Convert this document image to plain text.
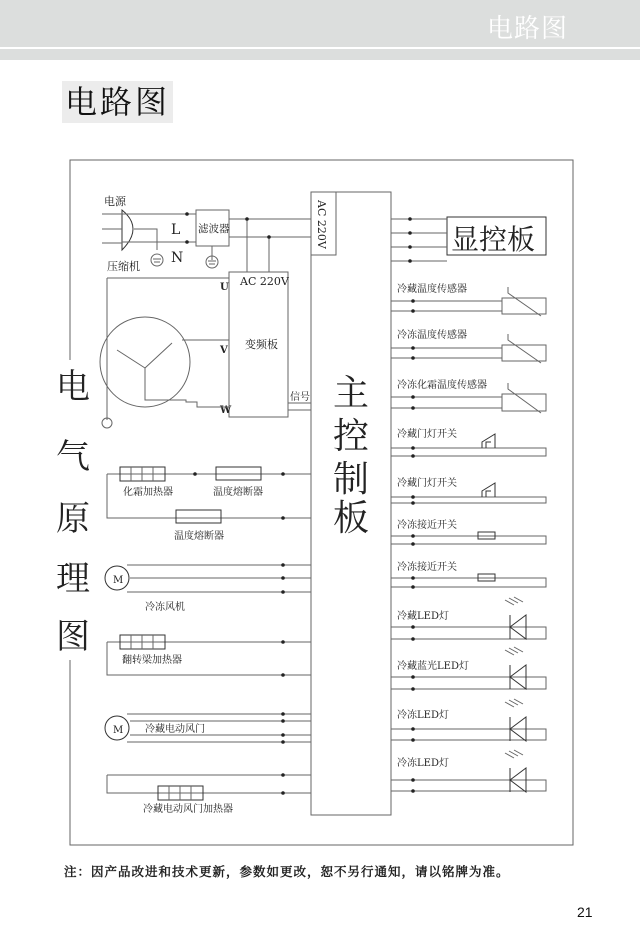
电路图
电路图
电
气
原
理
图
AC 220V
主
控
制
板
显控板
电源
L
N
压缩机
滤波器
AC 220V
变频板
U
V
W
信号
化霜加热器	温度熔断器
温度熔断器
M
冷冻风机
翻转梁加热器
M 冷藏电动风门
冷藏电动风门加热器
冷藏温度传感器
冷冻温度传感器
冷冻化霜温度传感器
冷藏门灯开关
冷藏门灯开关
冷冻接近开关
冷冻接近开关
冷藏LED灯
冷藏蓝光LED灯
冷冻LED灯
冷冻LED灯
注：因产品改进和技术更新，参数如更改，恕不另行通知，请以铭牌为准。
21
